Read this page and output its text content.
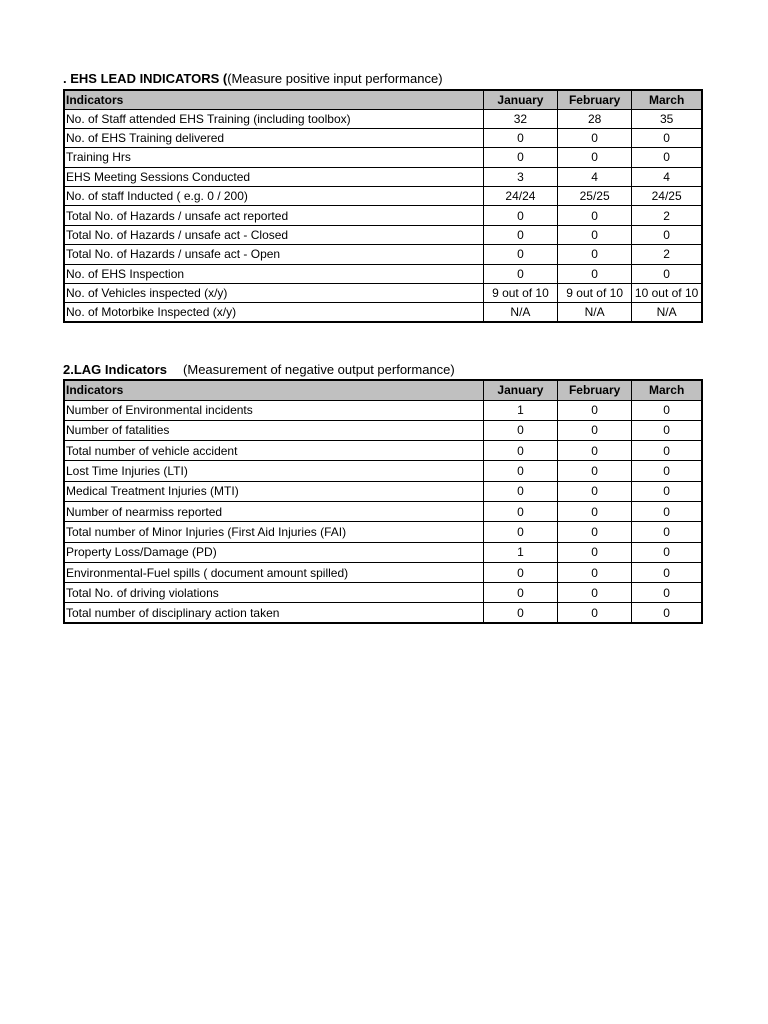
. EHS LEAD INDICATORS ((Measure positive input performance)
Indicators	January	February	March
No. of Staff attended EHS Training (including toolbox)	32	28	35
No. of EHS Training delivered	0	0	0
Training Hrs	0	0	0
EHS Meeting Sessions Conducted	3	4	4
No. of staff Inducted ( e.g. 0 / 200)	24/24	25/25	24/25
Total No. of Hazards / unsafe act reported	0	0	2
Total No. of Hazards / unsafe act - Closed	0	0	0
Total No. of Hazards / unsafe act - Open	0	0	2
No. of EHS Inspection	0	0	0
No. of Vehicles inspected (x/y)	9 out of 10	9 out of 10	10 out of 10
No. of Motorbike Inspected (x/y)	N/A	N/A	N/A
2.LAG Indicators (Measurement of negative output performance)
Indicators	January	February	March
Number of Environmental incidents	1	0	0
Number of fatalities	0	0	0
Total number of vehicle accident	0	0	0
Lost Time Injuries (LTI)	0	0	0
Medical Treatment Injuries (MTI)	0	0	0
Number of nearmiss reported	0	0	0
Total number of Minor Injuries (First Aid Injuries (FAI)	0	0	0
Property Loss/Damage (PD)	1	0	0
Environmental-Fuel spills ( document amount spilled)	0	0	0
Total No. of driving violations	0	0	0
Total number of disciplinary action taken	0	0	0
